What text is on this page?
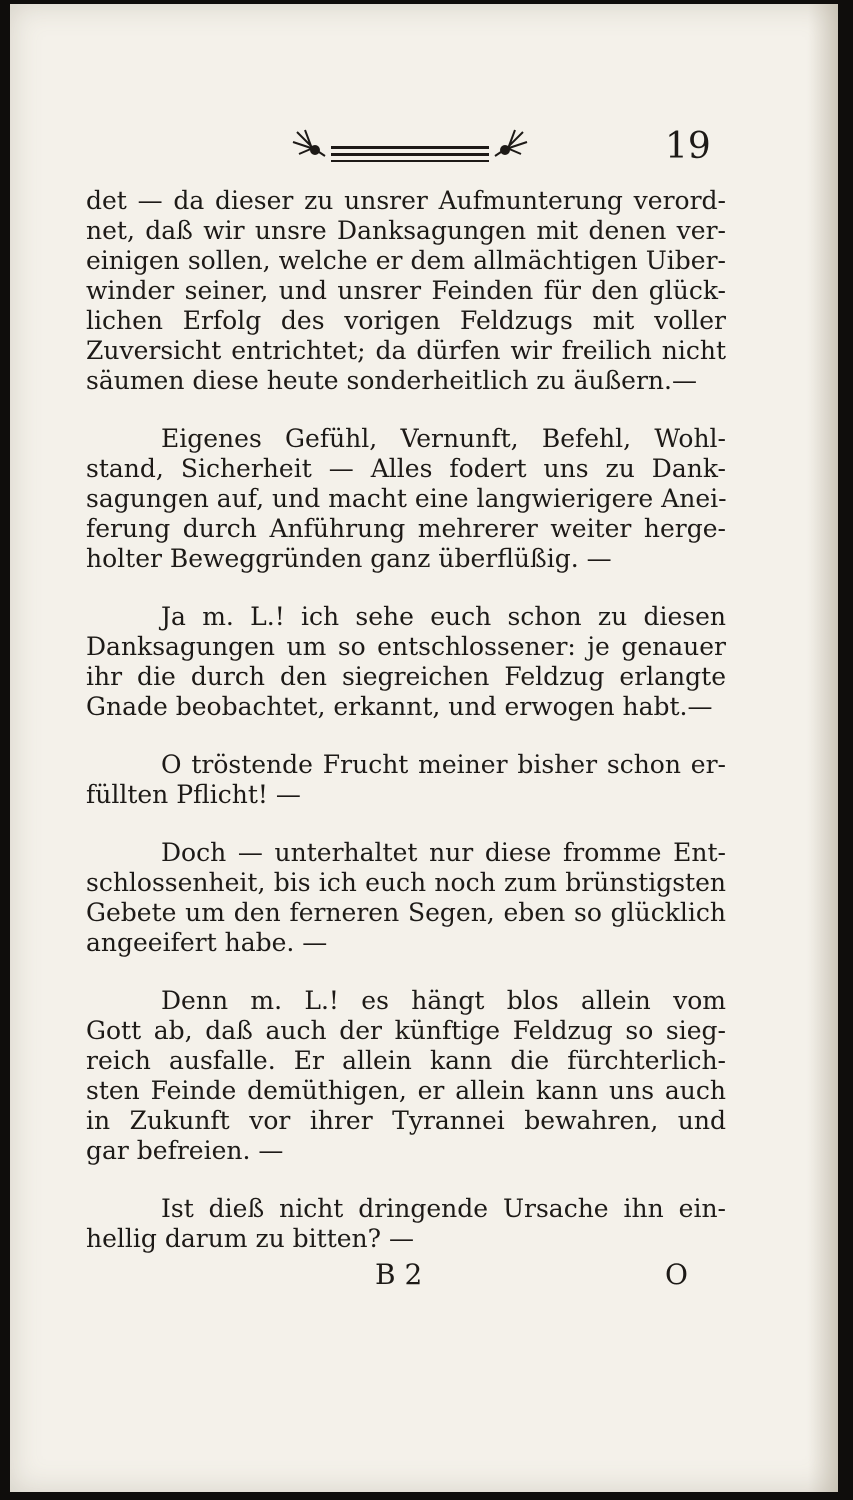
19

det — da dieser zu unsrer Aufmunterung verord-
net, daß wir unsre Danksagungen mit denen ver-
einigen sollen, welche er dem allmächtigen Uiber-
winder seiner, und unsrer Feinden für den glück-
lichen Erfolg des vorigen Feldzugs mit voller
Zuversicht entrichtet; da dürfen wir freilich nicht
säumen diese heute sonderheitlich zu äußern.—

Eigenes Gefühl, Vernunft, Befehl, Wohl-
stand, Sicherheit — Alles fodert uns zu Dank-
sagungen auf, und macht eine langwierigere Anei-
ferung durch Anführung mehrerer weiter herge-
holter Beweggründen ganz überflüßig. —

Ja m. L.! ich sehe euch schon zu diesen
Danksagungen um so entschlossener: je genauer
ihr die durch den siegreichen Feldzug erlangte
Gnade beobachtet, erkannt, und erwogen habt.—

O tröstende Frucht meiner bisher schon er-
füllten Pflicht! —

Doch — unterhaltet nur diese fromme Ent-
schlossenheit, bis ich euch noch zum brünstigsten
Gebete um den ferneren Segen, eben so glücklich
angeeifert habe. —

Denn m. L.! es hängt blos allein vom
Gott ab, daß auch der künftige Feldzug so sieg-
reich ausfalle. Er allein kann die fürchterlich-
sten Feinde demüthigen, er allein kann uns auch
in Zukunft vor ihrer Tyrannei bewahren, und
gar befreien. —

Ist dieß nicht dringende Ursache ihn ein-
hellig darum zu bitten? —

B 2	O
